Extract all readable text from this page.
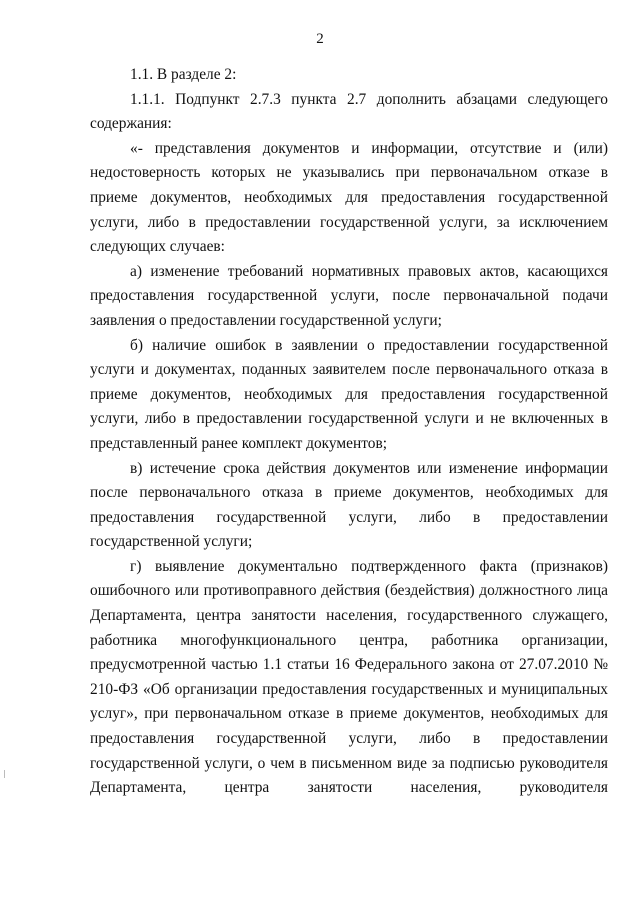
2

1.1. В разделе 2:

1.1.1. Подпункт 2.7.3 пункта 2.7 дополнить абзацами следующего содержания:

«- представления документов и информации, отсутствие и (или) недостоверность которых не указывались при первоначальном отказе в приеме документов, необходимых для предоставления государственной услуги, либо в предоставлении государственной услуги, за исключением следующих случаев:

а) изменение требований нормативных правовых актов, касающихся предоставления государственной услуги, после первоначальной подачи заявления о предоставлении государственной услуги;

б) наличие ошибок в заявлении о предоставлении государственной услуги и документах, поданных заявителем после первоначального отказа в приеме документов, необходимых для предоставления государственной услуги, либо в предоставлении государственной услуги и не включенных в представленный ранее комплект документов;

в) истечение срока действия документов или изменение информации после первоначального отказа в приеме документов, необходимых для предоставления государственной услуги, либо в предоставлении государственной услуги;

г) выявление документально подтвержденного факта (признаков) ошибочного или противоправного действия (бездействия) должностного лица Департамента, центра занятости населения, государственного служащего, работника многофункционального центра, работника организации, предусмотренной частью 1.1 статьи 16 Федерального закона от 27.07.2010 № 210-ФЗ «Об организации предоставления государственных и муниципальных услуг», при первоначальном отказе в приеме документов, необходимых для предоставления государственной услуги, либо в предоставлении государственной услуги, о чем в письменном виде за подписью руководителя Департамента, центра занятости населения, руководителя
